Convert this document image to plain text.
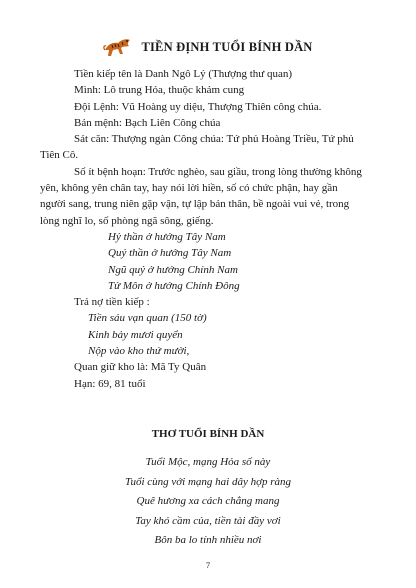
TIỀN ĐỊNH TUỔI BÍNH DẦN

Tiền kiếp tên là Danh Ngô Lý (Thượng thư quan)

Mình: Lô trung Hỏa, thuộc khảm cung

Đội Lệnh: Vũ Hoàng uy diệu, Thượng Thiên công chúa.

Bản mệnh: Bạch Liên Công chúa

Sát căn: Thượng ngàn Công chúa: Tứ phủ Hoàng Triều, Tứ phủ

Tiên Cô.

Số ít bệnh hoạn: Trước nghèo, sau giầu, trong lòng thường không

yên, không yên chân tay, hay nói lời hiền, số có chức phận, hay gần

người sang, trung niên gặp vận, tự lập bản thân, bề ngoài vui vẻ, trong

lòng nghĩ lo, số phòng ngã sông, giếng.

Hỷ thần ở hướng Tây Nam

Quý thần ở hướng Tây Nam

Ngũ quỷ ở hướng Chính Nam

Tử Môn ở hướng Chính Đông

Trả nợ tiền kiếp :

Tiền sáu vạn quan (150 tờ)

Kinh bảy mươi quyển

Nộp vào kho thứ mười,

Quan giữ kho là: Mã Ty Quân

Hạn: 69, 81 tuổi

THƠ TUỔI BÍNH DẦN
Tuổi Mộc, mạng Hỏa số này
Tuổi cùng với mạng hai dây hợp ràng
Quê hương xa cách chẳng mang
Tay khó cầm của, tiền tài đầy vơi
Bôn ba lo tính nhiều nơi
7
